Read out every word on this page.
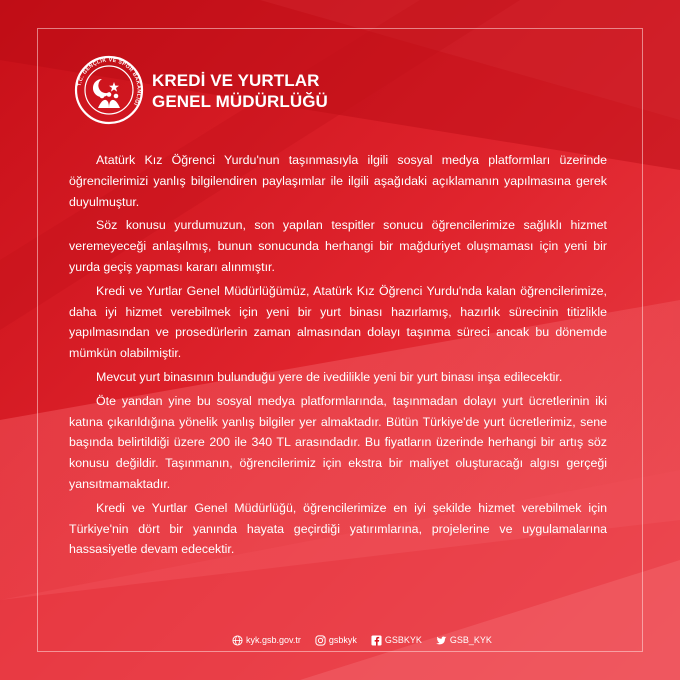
T.C. GENÇLİK VE SPOR BAKANLIĞI
KREDİ VE YURTLAR
GENEL MÜDÜRLÜĞÜ

Atatürk Kız Öğrenci Yurdu'nun taşınmasıyla ilgili sosyal medya platformları üzerinde öğrencilerimizi yanlış bilgilendiren paylaşımlar ile ilgili aşağıdaki açıklamanın yapılmasına gerek duyulmuştur.

Söz konusu yurdumuzun, son yapılan tespitler sonucu öğrencilerimize sağlıklı hizmet veremeyeceği anlaşılmış, bunun sonucunda herhangi bir mağduriyet oluşmaması için yeni bir yurda geçiş yapması kararı alınmıştır.

Kredi ve Yurtlar Genel Müdürlüğümüz, Atatürk Kız Öğrenci Yurdu'nda kalan öğrencilerimize, daha iyi hizmet verebilmek için yeni bir yurt binası hazırlamış, hazırlık sürecinin titizlikle yapılmasından ve prosedürlerin zaman almasından dolayı taşınma süreci ancak bu dönemde mümkün olabilmiştir.

Mevcut yurt binasının bulunduğu yere de ivedilikle yeni bir yurt binası inşa edilecektir.

Öte yandan yine bu sosyal medya platformlarında, taşınmadan dolayı yurt ücretlerinin iki katına çıkarıldığına yönelik yanlış bilgiler yer almaktadır. Bütün Türkiye'de yurt ücretlerimiz, sene başında belirtildiği üzere 200 ile 340 TL arasındadır. Bu fiyatların üzerinde herhangi bir artış söz konusu değildir. Taşınmanın, öğrencilerimiz için ekstra bir maliyet oluşturacağı algısı gerçeği yansıtmamaktadır.

Kredi ve Yurtlar Genel Müdürlüğü, öğrencilerimize en iyi şekilde hizmet verebilmek için Türkiye'nin dört bir yanında hayata geçirdiği yatırımlarına, projelerine ve uygulamalarına hassasiyetle devam edecektir.

kyk.gsb.gov.tr	gsbkyk	GSBKYK	GSB_KYK
